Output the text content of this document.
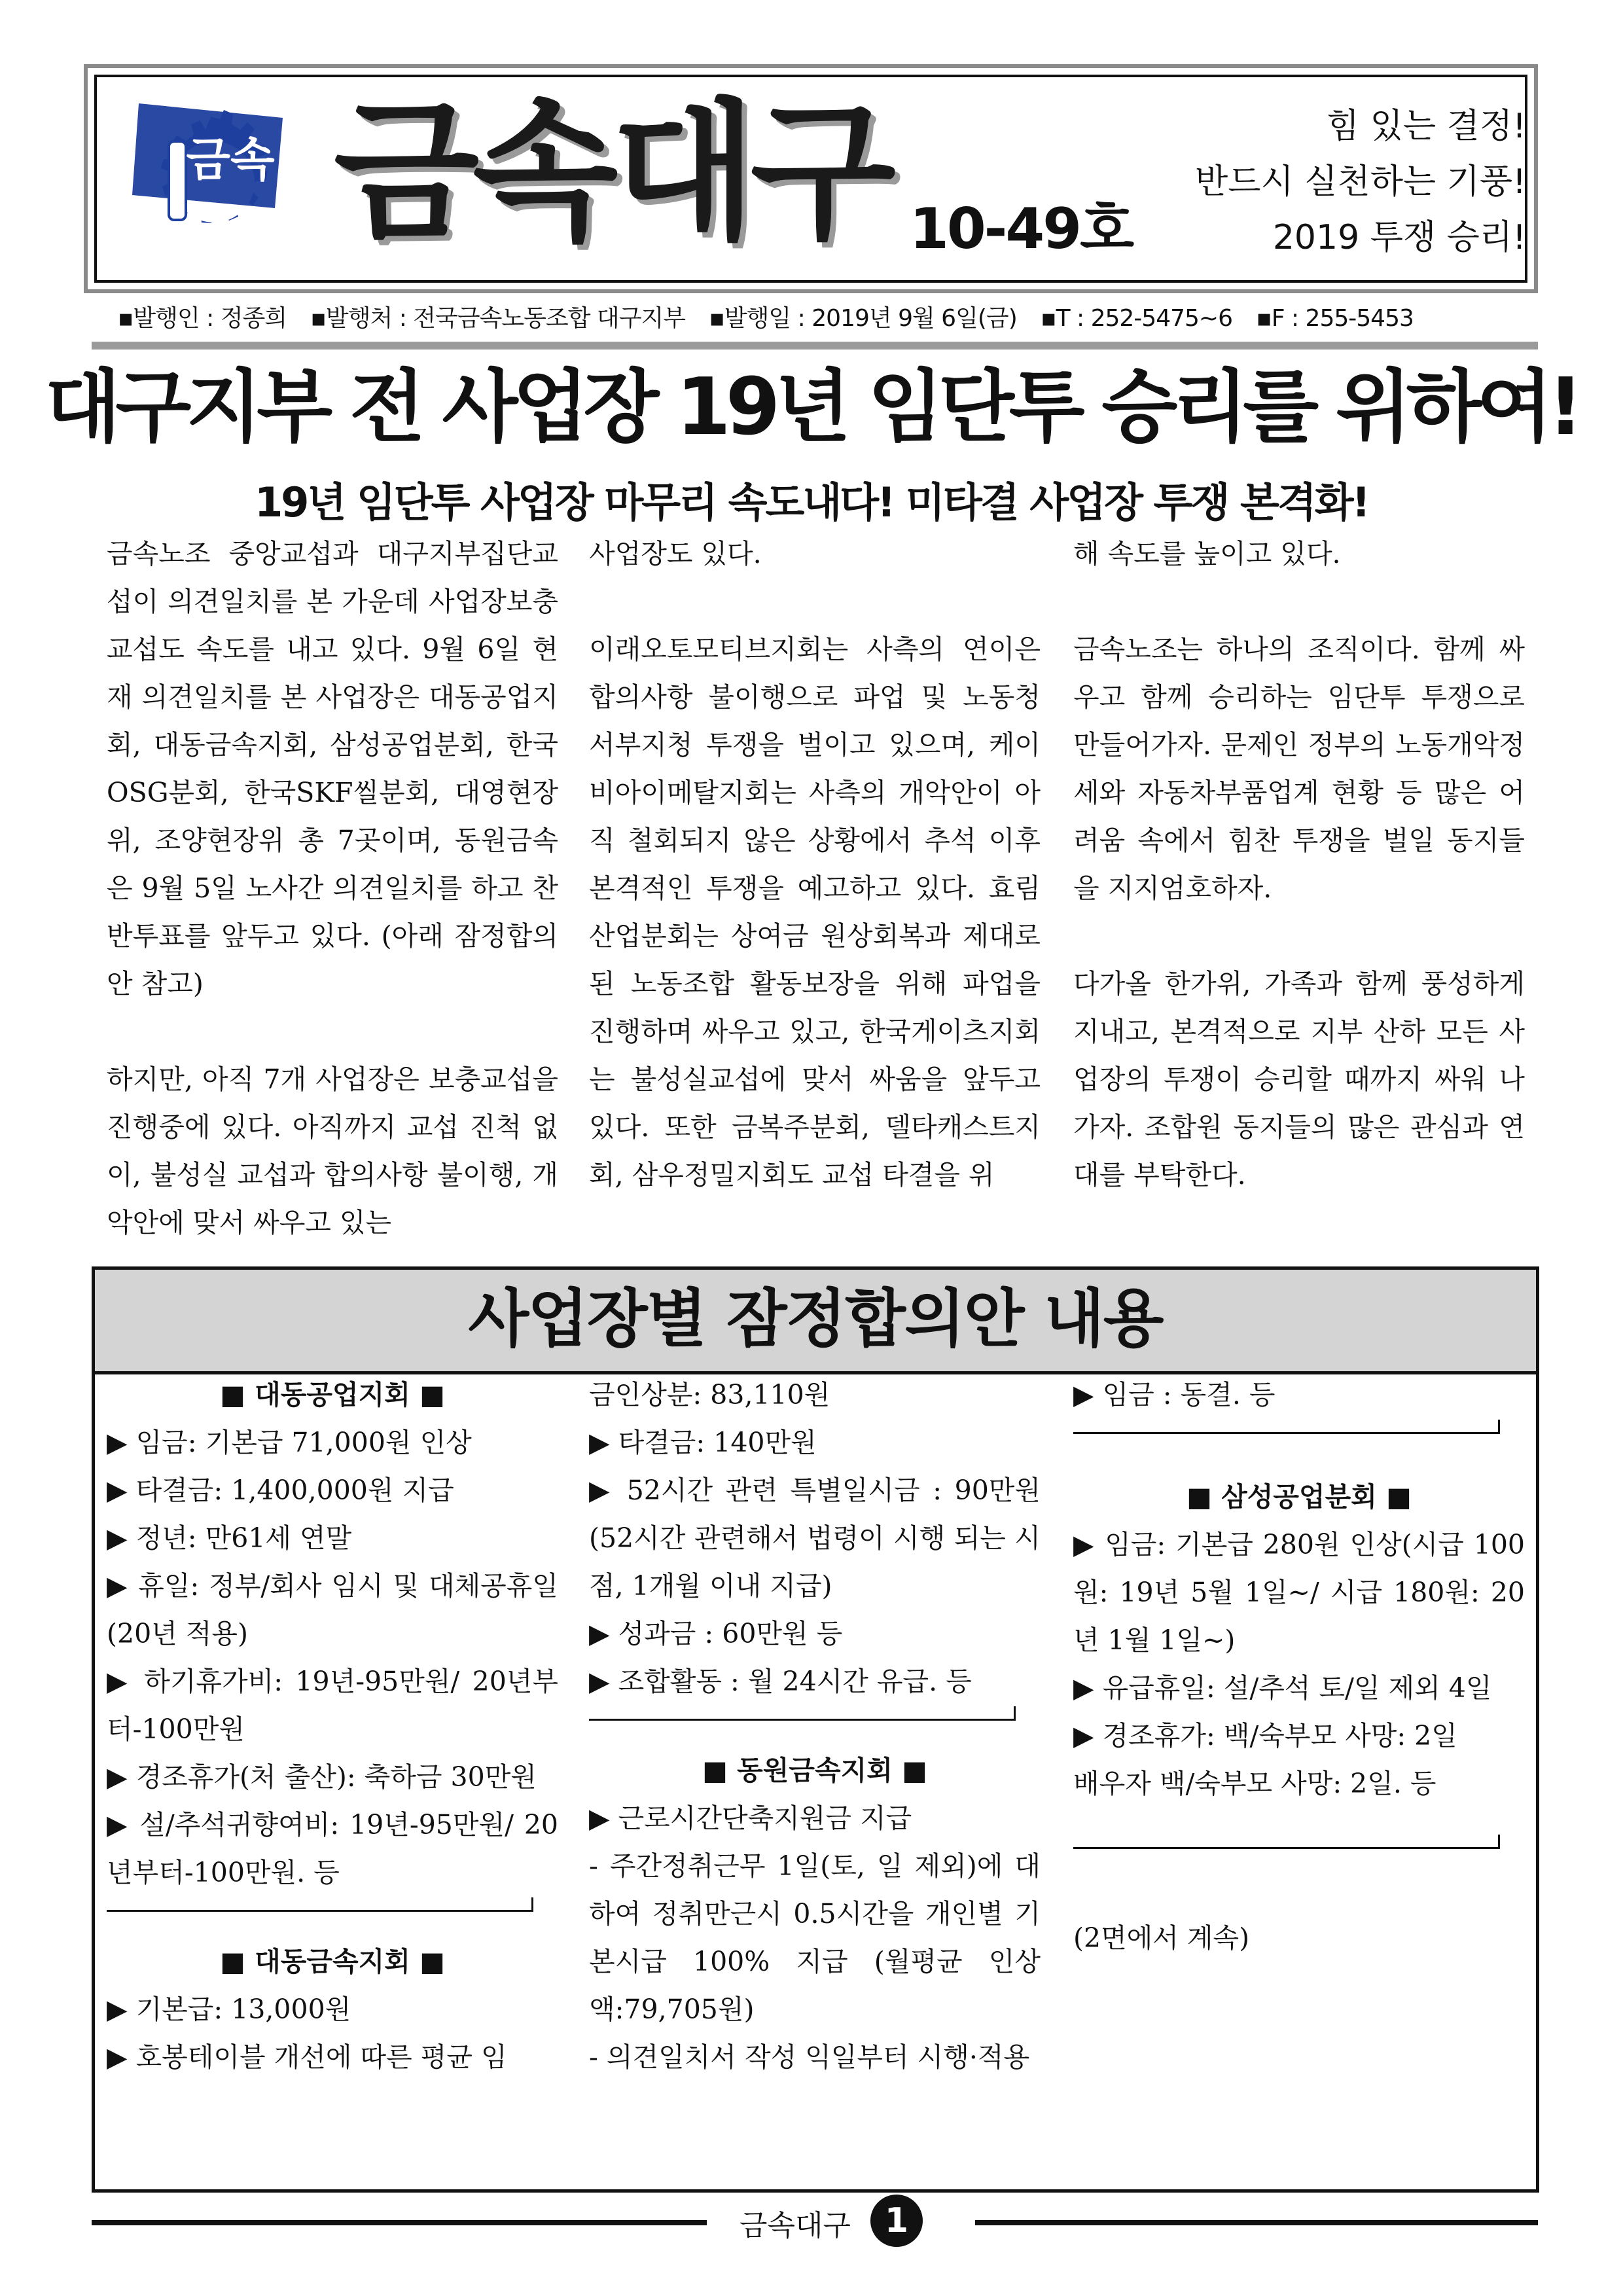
금속 금속대구 10-49호
힘 있는 결정!
반드시 실천하는 기풍!
2019 투쟁 승리!
▪발행인 : 정종희 ▪발행처 : 전국금속노동조합 대구지부 ▪발행일 : 2019년 9월 6일(금) ▪T : 252-5475~6 ▪F : 255-5453
대구지부 전 사업장 19년 임단투 승리를 위하여!
19년 임단투 사업장 마무리 속도내다! 미타결 사업장 투쟁 본격화!

금속노조 중앙교섭과 대구지부집단교섭이 의견일치를 본 가운데 사업장보충교섭도 속도를 내고 있다. 9월 6일 현재 의견일치를 본 사업장은 대동공업지회, 대동금속지회, 삼성공업분회, 한국OSG분회, 한국SKF씰분회, 대영현장위, 조양현장위 총 7곳이며, 동원금속은 9월 5일 노사간 의견일치를 하고 찬반투표를 앞두고 있다. (아래 잠정합의안 참고)

하지만, 아직 7개 사업장은 보충교섭을 진행중에 있다. 아직까지 교섭 진척 없이, 불성실 교섭과 합의사항 불이행, 개악안에 맞서 싸우고 있는

사업장도 있다.

이래오토모티브지회는 사측의 연이은 합의사항 불이행으로 파업 및 노동청 서부지청 투쟁을 벌이고 있으며, 케이비아이메탈지회는 사측의 개악안이 아직 철회되지 않은 상황에서 추석 이후 본격적인 투쟁을 예고하고 있다. 효림산업분회는 상여금 원상회복과 제대로된 노동조합 활동보장을 위해 파업을 진행하며 싸우고 있고, 한국게이츠지회는 불성실교섭에 맞서 싸움을 앞두고 있다. 또한 금복주분회, 델타캐스트지회, 삼우정밀지회도 교섭 타결을 위

해 속도를 높이고 있다.

금속노조는 하나의 조직이다. 함께 싸우고 함께 승리하는 임단투 투쟁으로 만들어가자. 문제인 정부의 노동개악정세와 자동차부품업계 현황 등 많은 어려움 속에서 힘찬 투쟁을 벌일 동지들을 지지엄호하자.

다가올 한가위, 가족과 함께 풍성하게 지내고, 본격적으로 지부 산하 모든 사업장의 투쟁이 승리할 때까지 싸워 나가자. 조합원 동지들의 많은 관심과 연대를 부탁한다.

사업장별 잠정합의안 내용
■ 대동공업지회 ■
▶ 임금: 기본급 71,000원 인상
▶ 타결금: 1,400,000원 지급
▶ 정년: 만61세 연말
▶ 휴일: 정부/회사 임시 및 대체공휴일(20년 적용)
▶ 하기휴가비: 19년-95만원/ 20년부터-100만원
▶ 경조휴가(처 출산): 축하금 30만원
▶ 설/추석귀향여비: 19년-95만원/ 20년부터-100만원. 등
■ 대동금속지회 ■
▶ 기본급: 13,000원
▶ 호봉테이블 개선에 따른 평균 임
금인상분: 83,110원
▶ 타결금: 140만원
▶ 52시간 관련 특별일시금 : 90만원(52시간 관련해서 법령이 시행 되는 시점, 1개월 이내 지급)
▶ 성과금 : 60만원 등
▶ 조합활동 : 월 24시간 유급. 등
■ 동원금속지회 ■
▶ 근로시간단축지원금 지급
- 주간정취근무 1일(토, 일 제외)에 대하여 정취만근시 0.5시간을 개인별 기본시급 100% 지급 (월평균 인상액:79,705원)
- 의견일치서 작성 익일부터 시행·적용
▶ 임금 : 동결. 등
■ 삼성공업분회 ■
▶ 임금: 기본급 280원 인상(시급 100원: 19년 5월 1일~/ 시급 180원: 20년 1월 1일~)
▶ 유급휴일: 설/추석 토/일 제외 4일
▶ 경조휴가: 백/숙부모 사망: 2일
배우자 백/숙부모 사망: 2일. 등
(2면에서 계속)
금속대구 1
